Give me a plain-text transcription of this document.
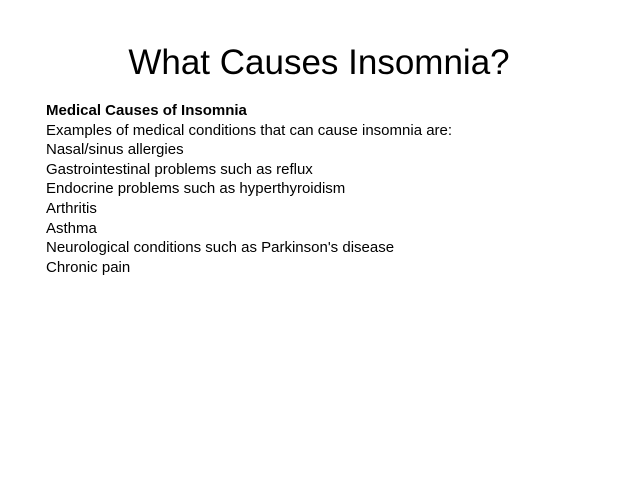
What Causes Insomnia?
Medical Causes of Insomnia
Examples of medical conditions that can cause insomnia are:
Nasal/sinus allergies
Gastrointestinal problems such as reflux
Endocrine problems such as hyperthyroidism
Arthritis
Asthma
Neurological conditions such as Parkinson's disease
Chronic pain
